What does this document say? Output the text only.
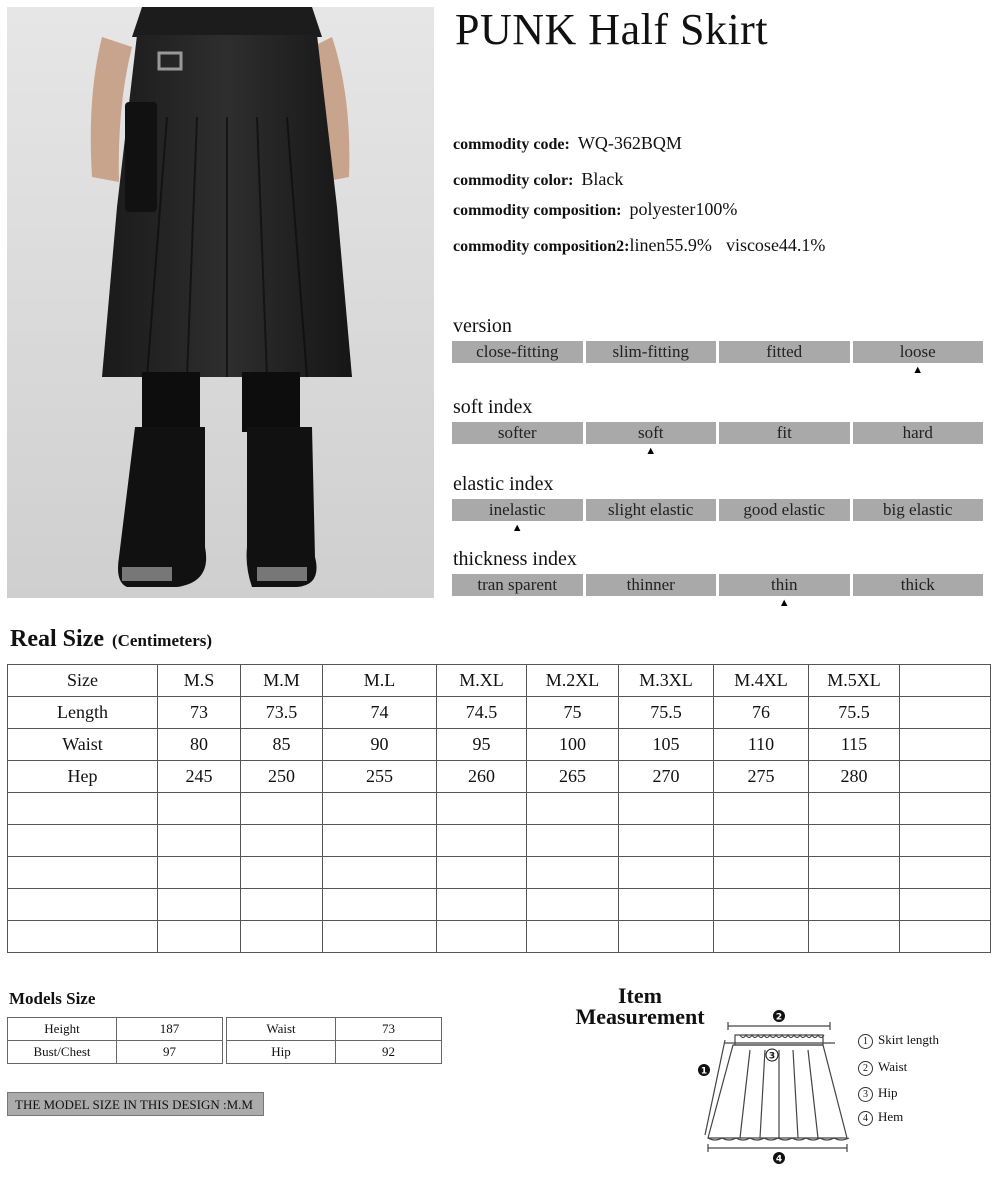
PUNK Half Skirt
commodity code: WQ-362BQM
commodity color: Black
commodity composition: polyester100%
commodity composition2:linen55.9% viscose44.1%
version
close-fitting	slim-fitting	fitted	loose
▲
soft index
softer	soft
▲
fit	hard
elastic index
inelastic
▲
slight elastic	good elastic	big elastic
thickness index
tran sparent	thinner	thin
▲
thick
Real Size (Centimeters)
Size	M.S	M.M	M.L	M.XL	M.2XL	M.3XL	M.4XL	M.5XL	
Length	73	73.5	74	74.5	75	75.5	76	75.5	
Waist	80	85	90	95	100	105	110	115	
Hep	245	250	255	260	265	270	275	280	

Models Size
Height	187
Bust/Chest	97
Waist	73
Hip	92
THE MODEL SIZE IN THIS DESIGN :M.M
Item
Measurement	2
3
1
4
1 Skirt length
2 Waist
3 Hip
4 Hem
